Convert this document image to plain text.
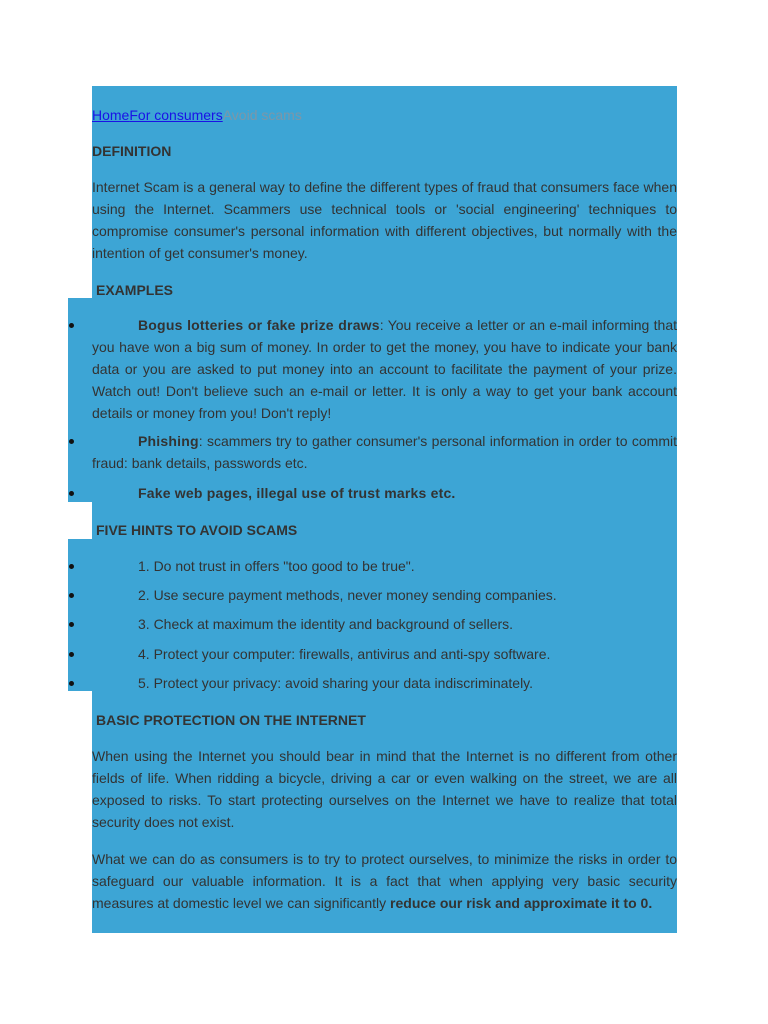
HomeFor consumersAvoid scams
DEFINITION
Internet Scam is a general way to define the different types of fraud that consumers face when using the Internet. Scammers use technical tools or 'social engineering' techniques to compromise consumer's personal information with different objectives, but normally with the intention of get consumer's money.
EXAMPLES
Bogus lotteries or fake prize draws: You receive a letter or an e-mail informing that you have won a big sum of money. In order to get the money, you have to indicate your bank data or you are asked to put money into an account to facilitate the payment of your prize. Watch out! Don't believe such an e-mail or letter. It is only a way to get your bank account details or money from you! Don't reply!
Phishing: scammers try to gather consumer's personal information in order to commit fraud: bank details, passwords etc.
Fake web pages, illegal use of trust marks etc.
FIVE HINTS TO AVOID SCAMS
1. Do not trust in offers "too good to be true".
2. Use secure payment methods, never money sending companies.
3. Check at maximum the identity and background of sellers.
4. Protect your computer: firewalls, antivirus and anti-spy software.
5. Protect your privacy: avoid sharing your data indiscriminately.
BASIC PROTECTION ON THE INTERNET
When using the Internet you should bear in mind that the Internet is no different from other fields of life. When ridding a bicycle, driving a car or even walking on the street, we are all exposed to risks. To start protecting ourselves on the Internet we have to realize that total security does not exist.
What we can do as consumers is to try to protect ourselves, to minimize the risks in order to safeguard our valuable information. It is a fact that when applying very basic security measures at domestic level we can significantly reduce our risk and approximate it to 0.
